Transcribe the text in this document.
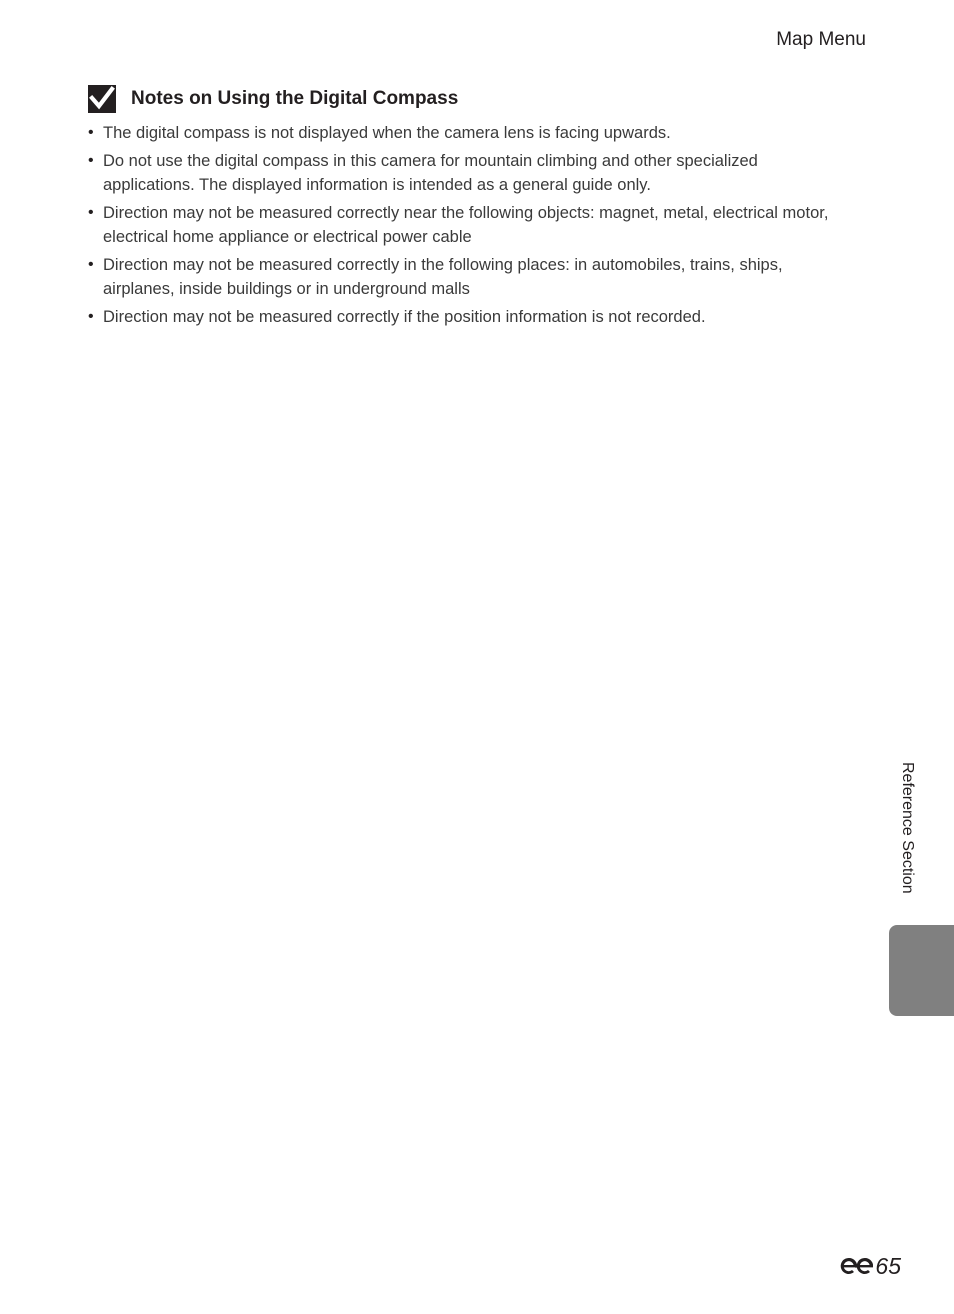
Map Menu
Notes on Using the Digital Compass
• The digital compass is not displayed when the camera lens is facing upwards.
• Do not use the digital compass in this camera for mountain climbing and other specialized applications. The displayed information is intended as a general guide only.
• Direction may not be measured correctly near the following objects: magnet, metal, electrical motor, electrical home appliance or electrical power cable
• Direction may not be measured correctly in the following places: in automobiles, trains, ships, airplanes, inside buildings or in underground malls
• Direction may not be measured correctly if the position information is not recorded.
Reference Section
65
